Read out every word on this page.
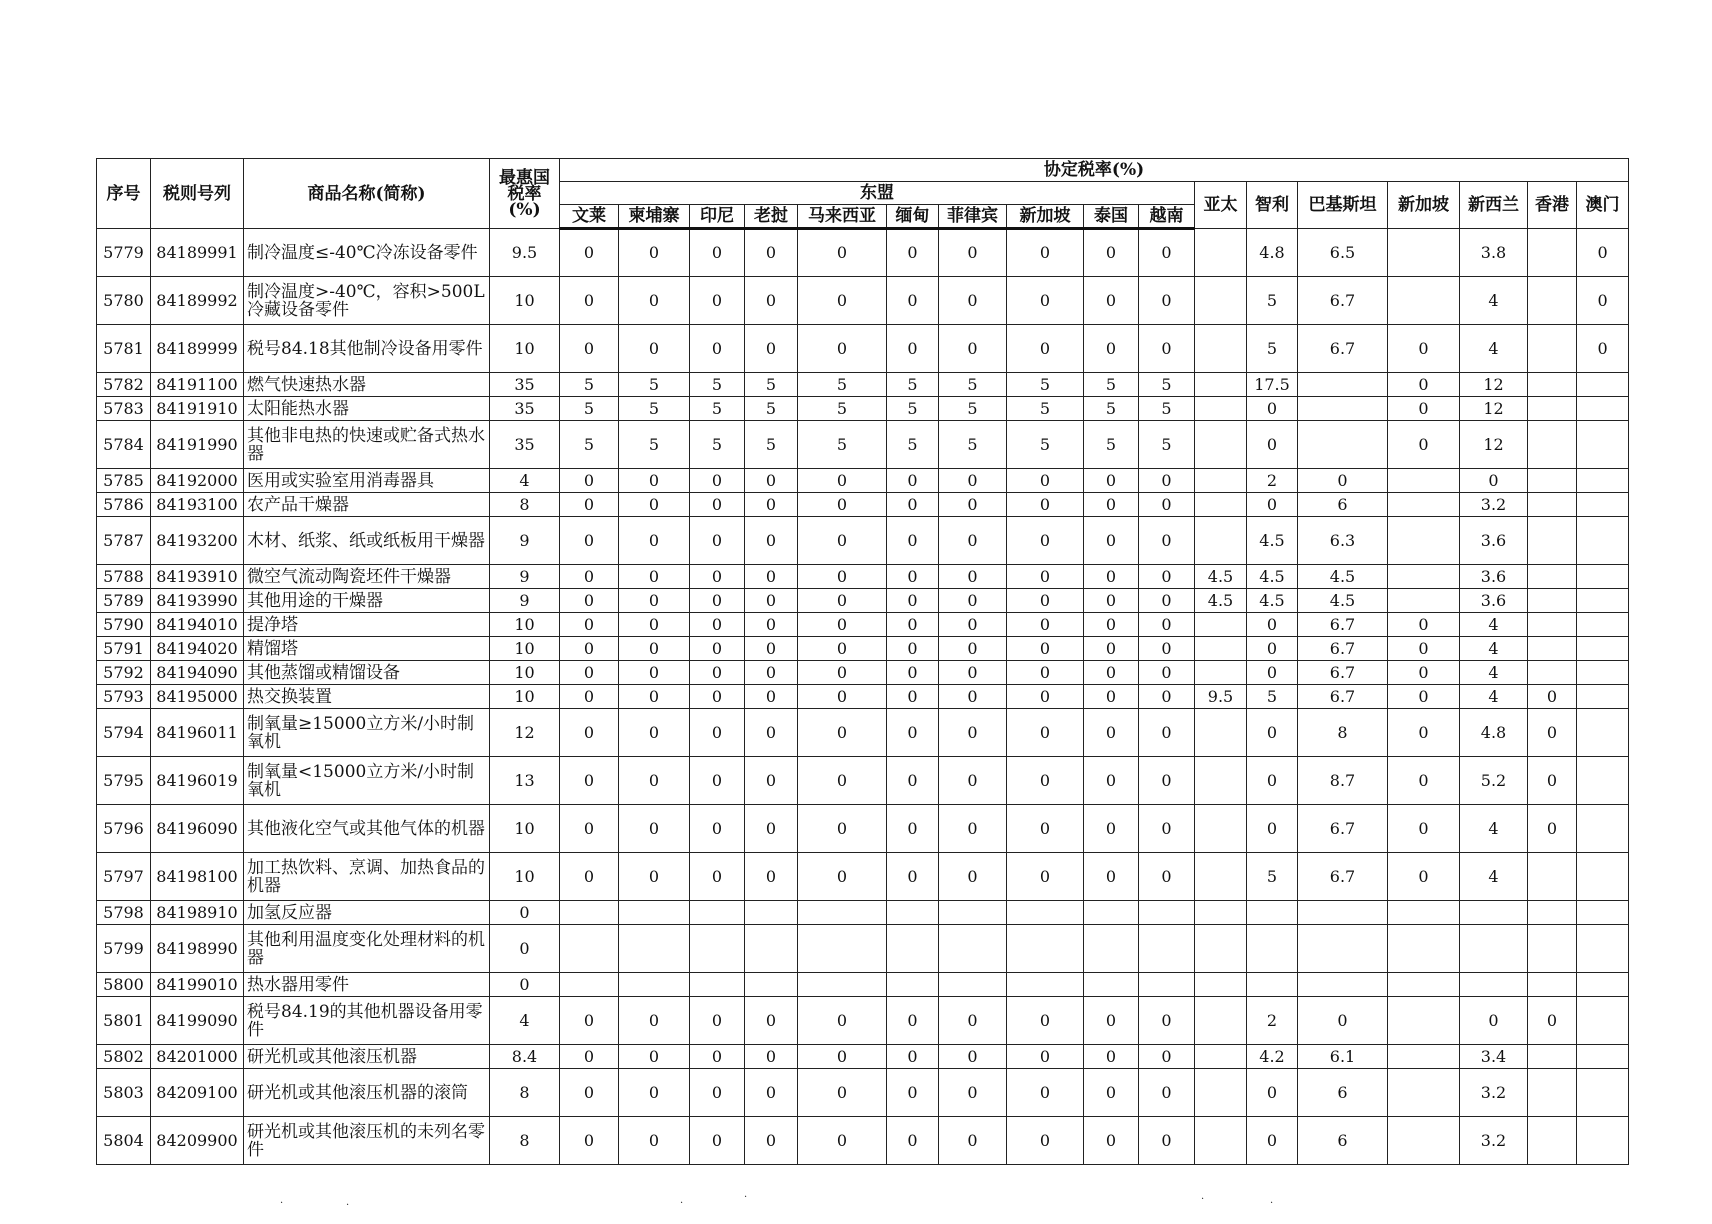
序号	税则号列	商品名称(简称)	最惠国
税率
(%)	协定税率(%)																
				东盟										亚太	智利	巴基斯坦	新加坡	新西兰	香港	澳门
				文莱	柬埔寨	印尼	老挝	马来西亚	缅甸	菲律宾	新加坡	泰国	越南							
5779	84189991	制冷温度≤-40℃冷冻设备零件	9.5	0	0	0	0	0	0	0	0	0	0		4.8	6.5		3.8		0
5780	84189992	制冷温度>-40℃，容积>500L冷藏设备零件	10	0	0	0	0	0	0	0	0	0	0		5	6.7		4		0
5781	84189999	税号84.18其他制冷设备用零件	10	0	0	0	0	0	0	0	0	0	0		5	6.7	0	4		0
5782	84191100	燃气快速热水器	35	5	5	5	5	5	5	5	5	5	5		17.5		0	12		
5783	84191910	太阳能热水器	35	5	5	5	5	5	5	5	5	5	5		0		0	12		
5784	84191990	其他非电热的快速或贮备式热水器	35	5	5	5	5	5	5	5	5	5	5		0		0	12		
5785	84192000	医用或实验室用消毒器具	4	0	0	0	0	0	0	0	0	0	0		2	0		0		
5786	84193100	农产品干燥器	8	0	0	0	0	0	0	0	0	0	0		0	6		3.2		
5787	84193200	木材、纸浆、纸或纸板用干燥器	9	0	0	0	0	0	0	0	0	0	0		4.5	6.3		3.6		
5788	84193910	微空气流动陶瓷坯件干燥器	9	0	0	0	0	0	0	0	0	0	0	4.5	4.5	4.5		3.6		
5789	84193990	其他用途的干燥器	9	0	0	0	0	0	0	0	0	0	0	4.5	4.5	4.5		3.6		
5790	84194010	提净塔	10	0	0	0	0	0	0	0	0	0	0		0	6.7	0	4		
5791	84194020	精馏塔	10	0	0	0	0	0	0	0	0	0	0		0	6.7	0	4		
5792	84194090	其他蒸馏或精馏设备	10	0	0	0	0	0	0	0	0	0	0		0	6.7	0	4		
5793	84195000	热交换装置	10	0	0	0	0	0	0	0	0	0	0	9.5	5	6.7	0	4	0	
5794	84196011	制氧量≥15000立方米/小时制氧机	12	0	0	0	0	0	0	0	0	0	0		0	8	0	4.8	0	
5795	84196019	制氧量<15000立方米/小时制氧机	13	0	0	0	0	0	0	0	0	0	0		0	8.7	0	5.2	0	
5796	84196090	其他液化空气或其他气体的机器	10	0	0	0	0	0	0	0	0	0	0		0	6.7	0	4	0	
5797	84198100	加工热饮料、烹调、加热食品的机器	10	0	0	0	0	0	0	0	0	0	0		5	6.7	0	4		
5798	84198910	加氢反应器	0																	
5799	84198990	其他利用温度变化处理材料的机器	0																	
5800	84199010	热水器用零件	0																	
5801	84199090	税号84.19的其他机器设备用零件	4	0	0	0	0	0	0	0	0	0	0		2	0		0	0	
5802	84201000	研光机或其他滚压机器	8.4	0	0	0	0	0	0	0	0	0	0		4.2	6.1		3.4		
5803	84209100	研光机或其他滚压机器的滚筒	8	0	0	0	0	0	0	0	0	0	0		0	6		3.2		
5804	84209900	研光机或其他滚压机的未列名零件	8	0	0	0	0	0	0	0	0	0	0		0	6		3.2		
·	·	·
·	·	·
